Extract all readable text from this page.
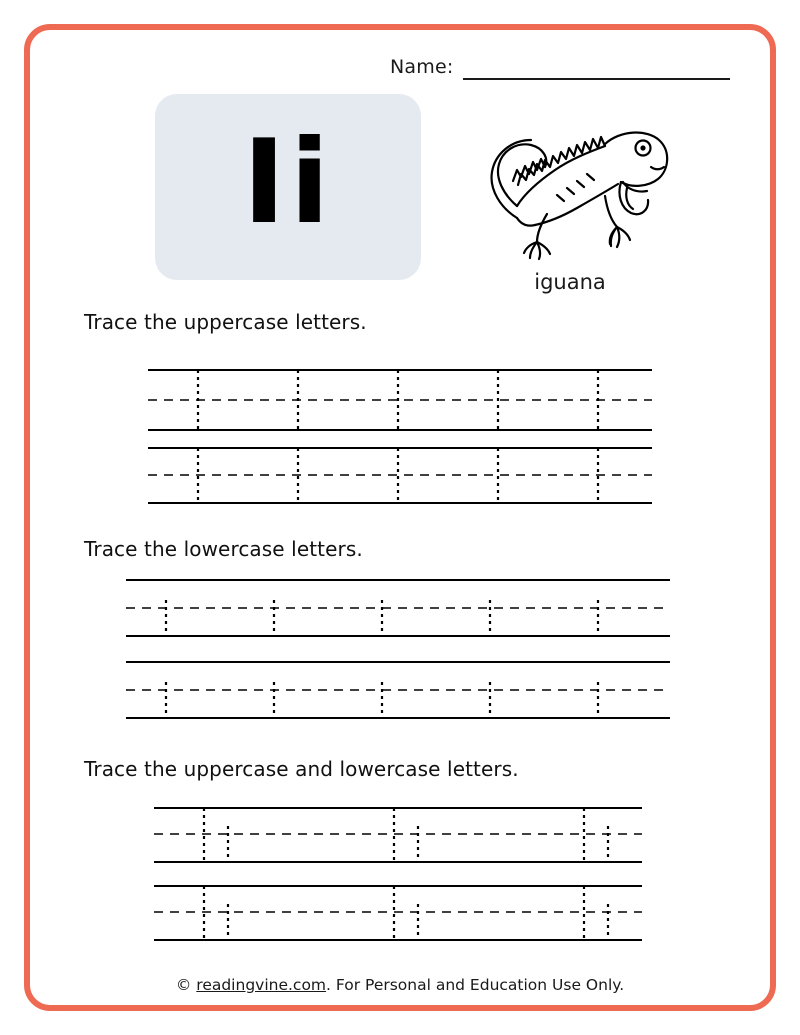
Name:
Ii
iguana
Trace the uppercase letters.
Trace the lowercase letters.
Trace the uppercase and lowercase letters.
© readingvine.com. For Personal and Education Use Only.
